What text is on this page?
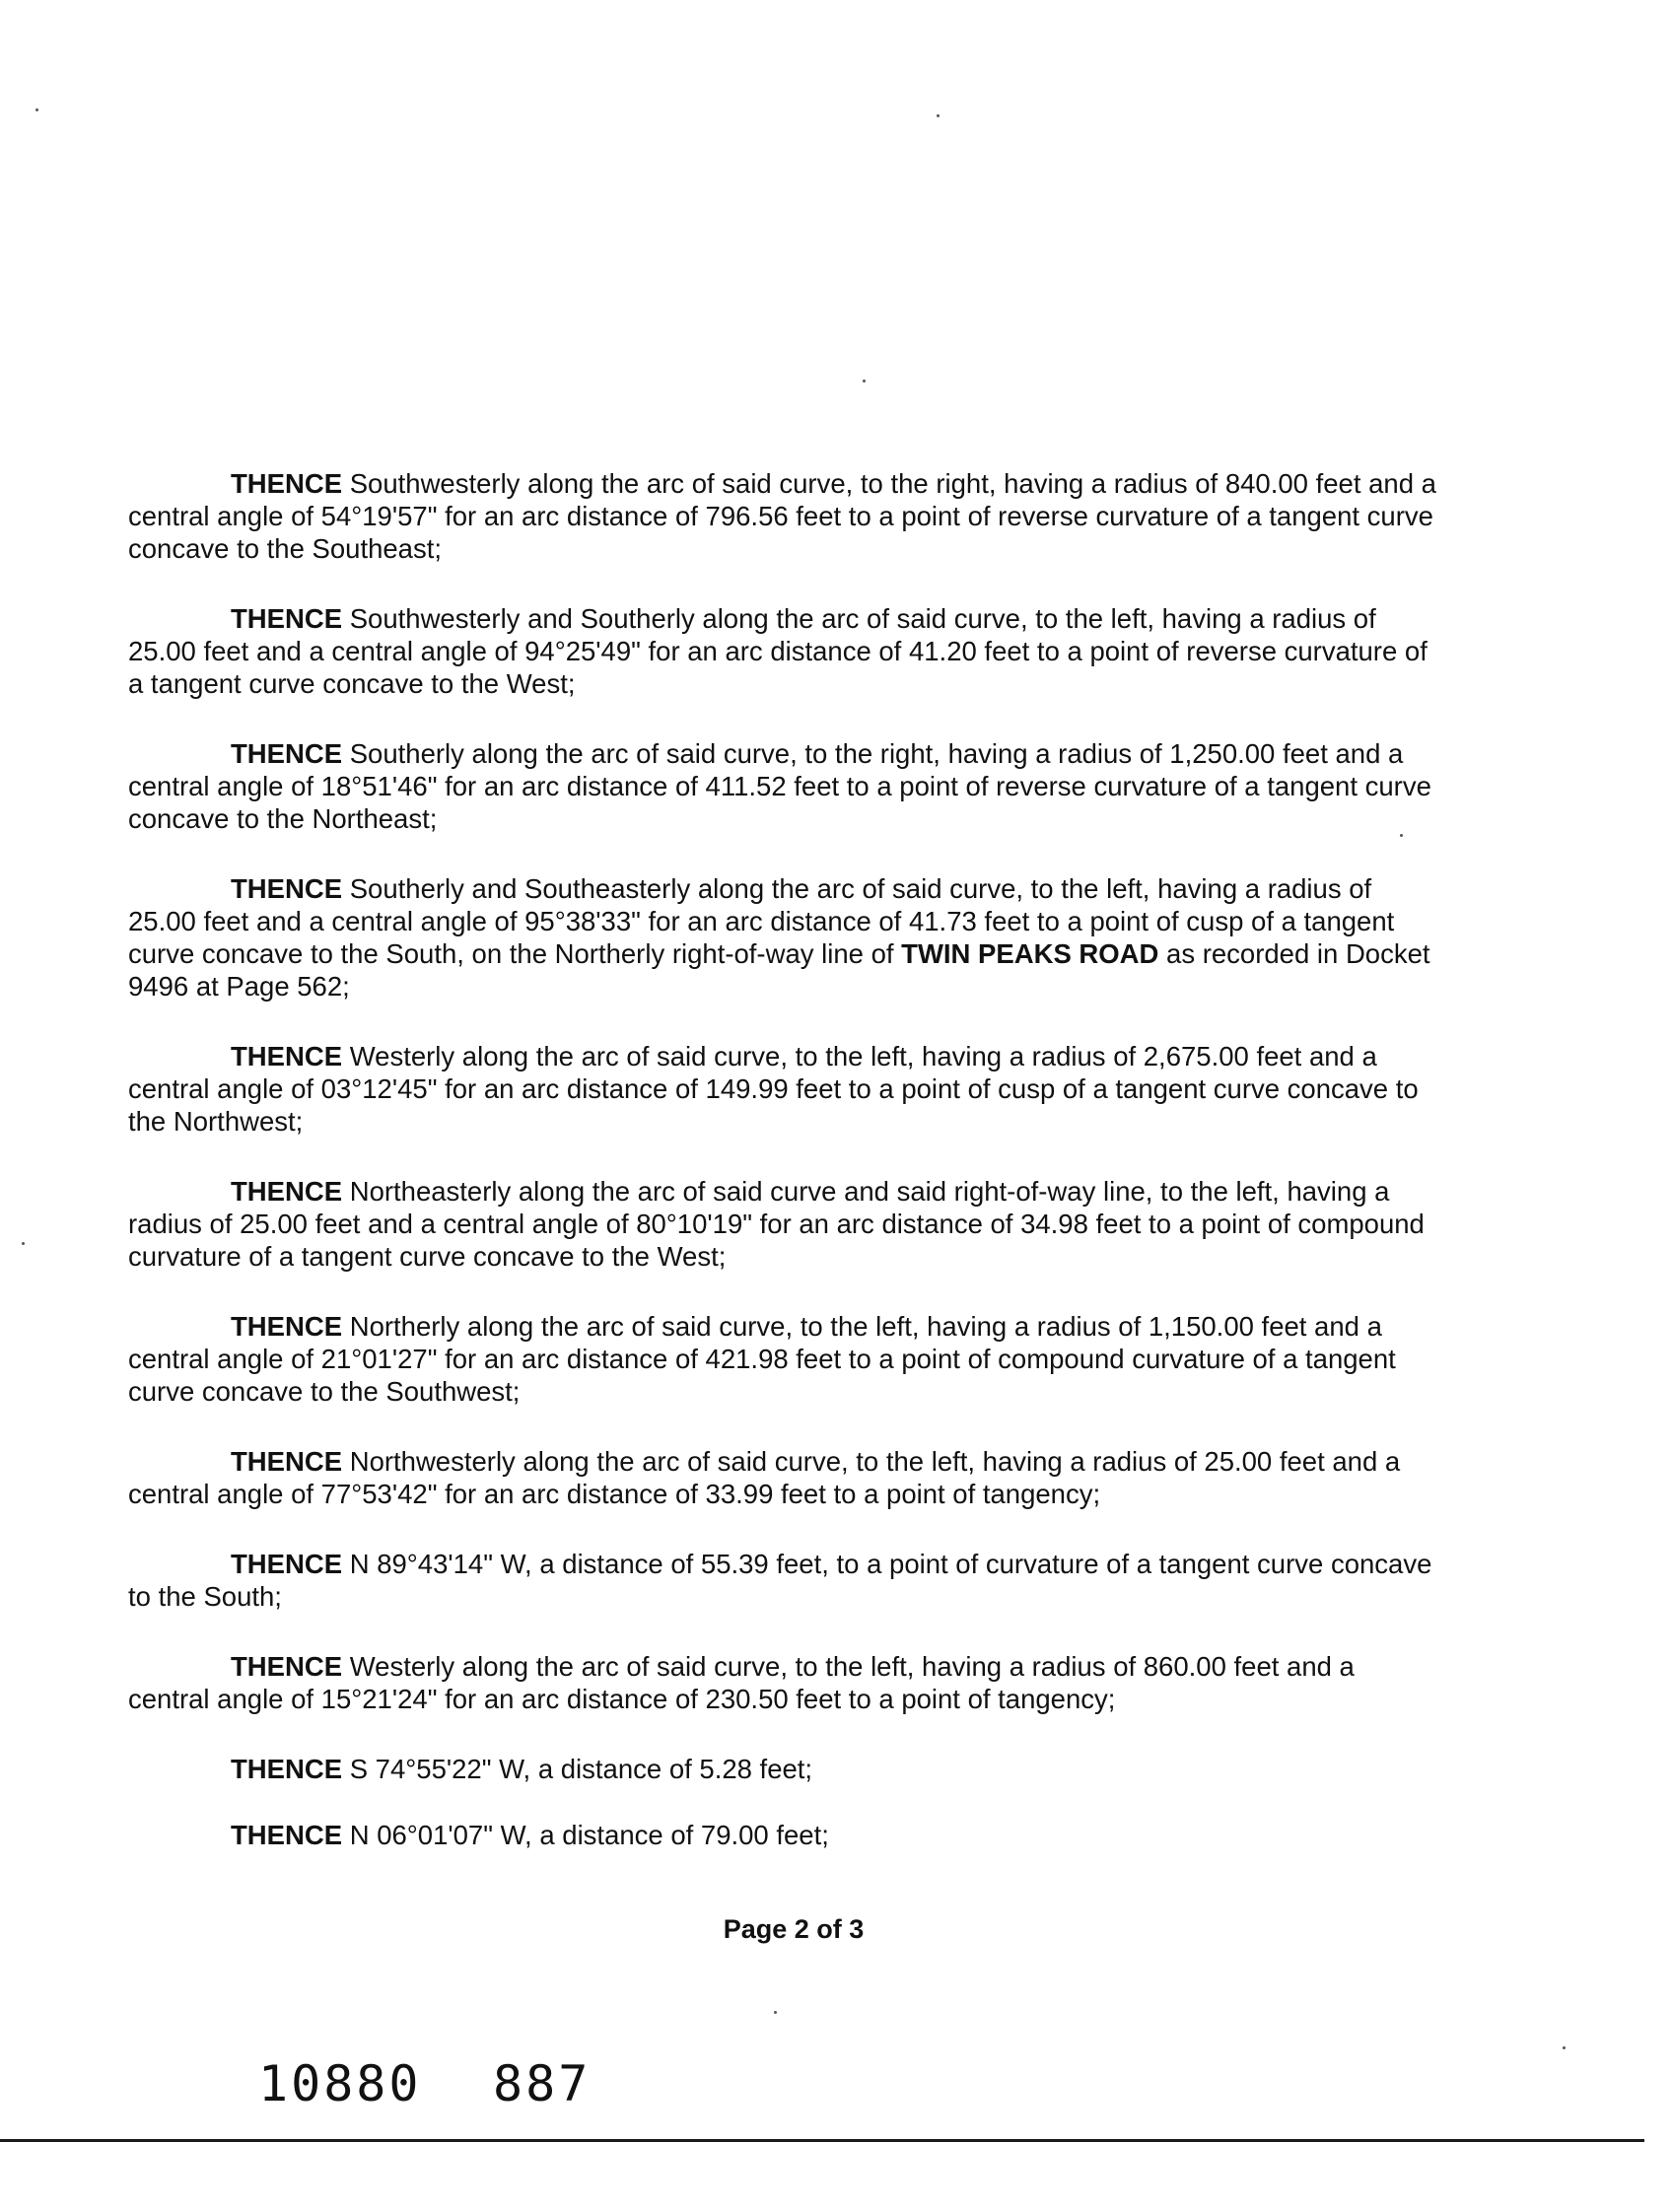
THENCE Southwesterly along the arc of said curve, to the right, having a radius of 840.00 feet and a central angle of 54°19'57" for an arc distance of 796.56 feet to a point of reverse curvature of a tangent curve concave to the Southeast;

THENCE Southwesterly and Southerly along the arc of said curve, to the left, having a radius of 25.00 feet and a central angle of 94°25'49" for an arc distance of 41.20 feet to a point of reverse curvature of a tangent curve concave to the West;

THENCE Southerly along the arc of said curve, to the right, having a radius of 1,250.00 feet and a central angle of 18°51'46" for an arc distance of 411.52 feet to a point of reverse curvature of a tangent curve concave to the Northeast;

THENCE Southerly and Southeasterly along the arc of said curve, to the left, having a radius of 25.00 feet and a central angle of 95°38'33" for an arc distance of 41.73 feet to a point of cusp of a tangent curve concave to the South, on the Northerly right-of-way line of TWIN PEAKS ROAD as recorded in Docket 9496 at Page 562;

THENCE Westerly along the arc of said curve, to the left, having a radius of 2,675.00 feet and a central angle of 03°12'45" for an arc distance of 149.99 feet to a point of cusp of a tangent curve concave to the Northwest;

THENCE Northeasterly along the arc of said curve and said right-of-way line, to the left, having a radius of 25.00 feet and a central angle of 80°10'19" for an arc distance of 34.98 feet to a point of compound curvature of a tangent curve concave to the West;

THENCE Northerly along the arc of said curve, to the left, having a radius of 1,150.00 feet and a central angle of 21°01'27" for an arc distance of 421.98 feet to a point of compound curvature of a tangent curve concave to the Southwest;

THENCE Northwesterly along the arc of said curve, to the left, having a radius of 25.00 feet and a central angle of 77°53'42" for an arc distance of 33.99 feet to a point of tangency;

THENCE N 89°43'14" W, a distance of 55.39 feet, to a point of curvature of a tangent curve concave to the South;

THENCE Westerly along the arc of said curve, to the left, having a radius of 860.00 feet and a central angle of 15°21'24" for an arc distance of 230.50 feet to a point of tangency;

THENCE S 74°55'22" W, a distance of 5.28 feet;

THENCE N 06°01'07" W, a distance of 79.00 feet;

Page 2 of 3
10880 887
